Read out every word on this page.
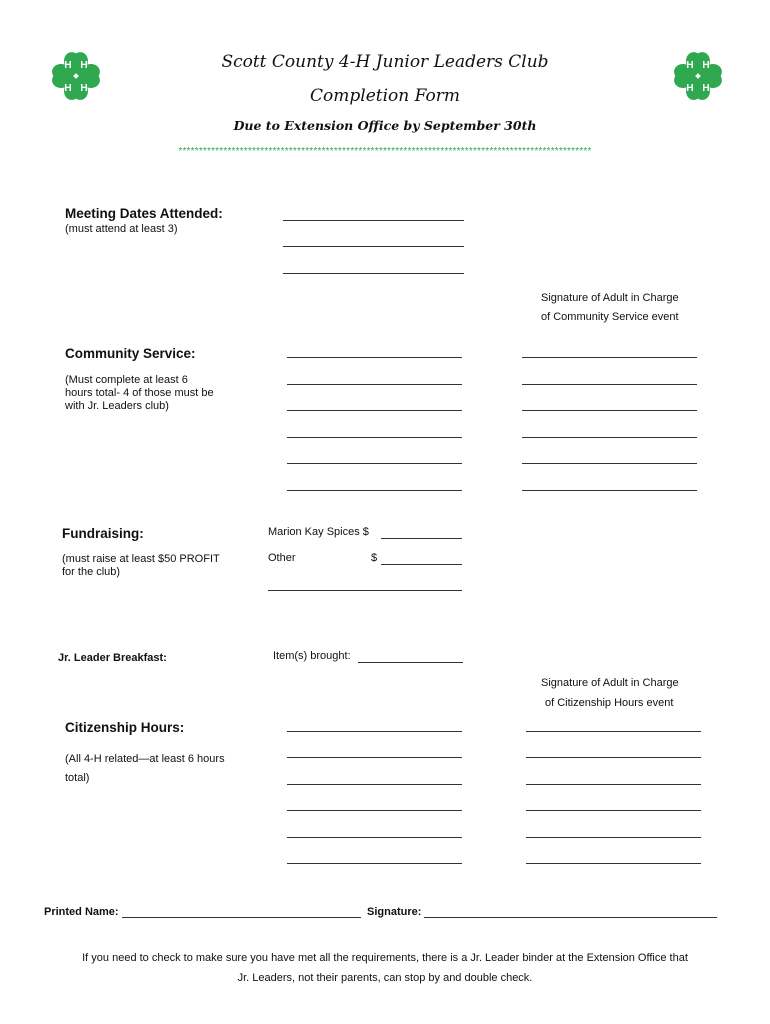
H H
H H
H H
H H
Scott County 4-H Junior Leaders Club
Completion Form
Due to Extension Office by September 30th
*****************************************************************************************************
Meeting Dates Attended:
(must attend at least 3)
Signature of Adult in Charge
of Community Service event
Community Service:
(Must complete at least 6 hours total- 4 of those must be with Jr. Leaders club)
Fundraising:
(must raise at least $50 PROFIT for the club)
Marion Kay Spices $
Other	$
Jr. Leader Breakfast:	Item(s) brought:
Signature of Adult in Charge
of Citizenship Hours event
Citizenship Hours:
(All 4-H related—at least 6 hours total)
Printed Name:	Signature:
If you need to check to make sure you have met all the requirements, there is a Jr. Leader binder at the Extension Office that
Jr. Leaders, not their parents, can stop by and double check.
